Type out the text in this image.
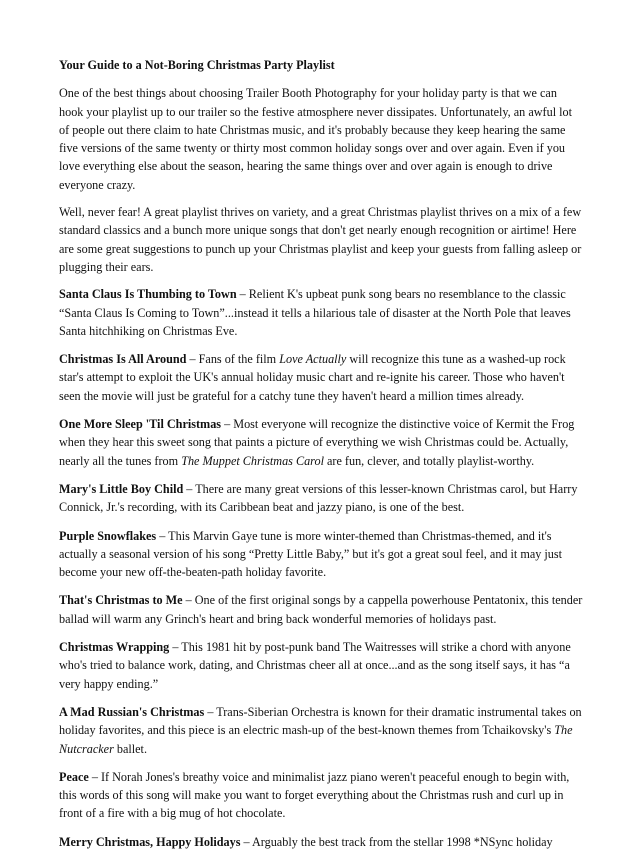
Your Guide to a Not-Boring Christmas Party Playlist

One of the best things about choosing Trailer Booth Photography for your holiday party is that we can hook your playlist up to our trailer so the festive atmosphere never dissipates. Unfortunately, an awful lot of people out there claim to hate Christmas music, and it's probably because they keep hearing the same five versions of the same twenty or thirty most common holiday songs over and over again. Even if you love everything else about the season, hearing the same things over and over again is enough to drive everyone crazy.

Well, never fear! A great playlist thrives on variety, and a great Christmas playlist thrives on a mix of a few standard classics and a bunch more unique songs that don't get nearly enough recognition or airtime! Here are some great suggestions to punch up your Christmas playlist and keep your guests from falling asleep or plugging their ears.

Santa Claus Is Thumbing to Town – Relient K's upbeat punk song bears no resemblance to the classic “Santa Claus Is Coming to Town”...instead it tells a hilarious tale of disaster at the North Pole that leaves Santa hitchhiking on Christmas Eve.

Christmas Is All Around – Fans of the film Love Actually will recognize this tune as a washed-up rock star's attempt to exploit the UK's annual holiday music chart and re-ignite his career. Those who haven't seen the movie will just be grateful for a catchy tune they haven't heard a million times already.

One More Sleep 'Til Christmas – Most everyone will recognize the distinctive voice of Kermit the Frog when they hear this sweet song that paints a picture of everything we wish Christmas could be. Actually, nearly all the tunes from The Muppet Christmas Carol are fun, clever, and totally playlist-worthy.

Mary's Little Boy Child – There are many great versions of this lesser-known Christmas carol, but Harry Connick, Jr.'s recording, with its Caribbean beat and jazzy piano, is one of the best.

Purple Snowflakes – This Marvin Gaye tune is more winter-themed than Christmas-themed, and it's actually a seasonal version of his song “Pretty Little Baby,” but it's got a great soul feel, and it may just become your new off-the-beaten-path holiday favorite.

That's Christmas to Me – One of the first original songs by a cappella powerhouse Pentatonix, this tender ballad will warm any Grinch's heart and bring back wonderful memories of holidays past.

Christmas Wrapping – This 1981 hit by post-punk band The Waitresses will strike a chord with anyone who's tried to balance work, dating, and Christmas cheer all at once...and as the song itself says, it has “a very happy ending.”

A Mad Russian's Christmas – Trans-Siberian Orchestra is known for their dramatic instrumental takes on holiday favorites, and this piece is an electric mash-up of the best-known themes from Tchaikovsky's The Nutcracker ballet.

Peace – If Norah Jones's breathy voice and minimalist jazz piano weren't peaceful enough to begin with, this words of this song will make you want to forget everything about the Christmas rush and curl up in front of a fire with a big mug of hot chocolate.

Merry Christmas, Happy Holidays – Arguably the best track from the stellar 1998 *NSync holiday
